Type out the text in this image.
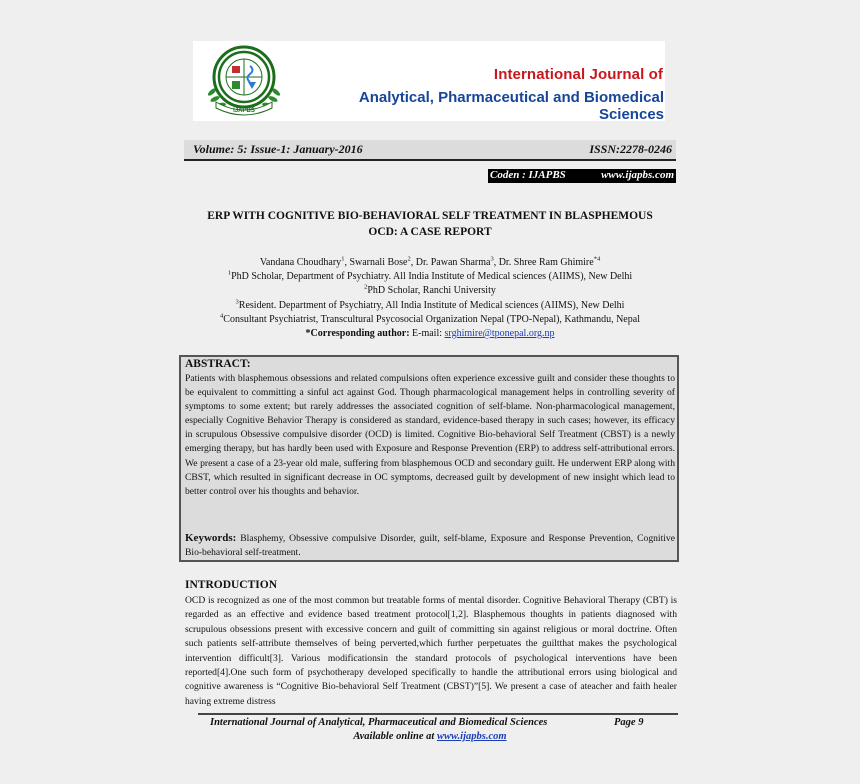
IJAPBS
International Journal of
Analytical, Pharmaceutical and Biomedical Sciences
Volume: 5: Issue-1: January-2016	ISSN:2278-0246
Coden : IJAPBS	www.ijapbs.com
ERP WITH COGNITIVE BIO-BEHAVIORAL SELF TREATMENT IN BLASPHEMOUS
OCD: A CASE REPORT
Vandana Choudhary$^1$, Swarnali Bose$^2$, Dr. Pawan Sharma$^3$, Dr. Shree Ram Ghimire$^{*4}$
$^1$PhD Scholar, Department of Psychiatry. All India Institute of Medical sciences (AIIMS), New Delhi
$^2$PhD Scholar, Ranchi University
$^3$Resident. Department of Psychiatry, All India Institute of Medical sciences (AIIMS), New Delhi
$^4$Consultant Psychiatrist, Transcultural Psycosocial Organization Nepal (TPO-Nepal), Kathmandu, Nepal
*Corresponding author: E-mail: srghimire@tponepal.org.np
ABSTRACT:
Patients with blasphemous obsessions and related compulsions often experience excessive guilt and consider these thoughts to be equivalent to committing a sinful act against God. Though pharmacological management helps in controlling severity of symptoms to some extent; but rarely addresses the associated cognition of self-blame. Non-pharmacological management, especially Cognitive Behavior Therapy is considered as standard, evidence-based therapy in such cases; however, its efficacy in scrupulous Obsessive compulsive disorder (OCD) is limited. Cognitive Bio-behavioral Self Treatment (CBST) is a newly emerging therapy, but has hardly been used with Exposure and Response Prevention (ERP) to address self-attributional errors. We present a case of a 23-year old male, suffering from blasphemous OCD and secondary guilt. He underwent ERP along with CBST, which resulted in significant decrease in OC symptoms, decreased guilt by development of new insight which lead to better control over his thoughts and behavior.
Keywords: Blasphemy, Obsessive compulsive Disorder, guilt, self-blame, Exposure and Response Prevention, Cognitive Bio-behavioral self-treatment.
INTRODUCTION
OCD is recognized as one of the most common but treatable forms of mental disorder. Cognitive Behavioral Therapy (CBT) is regarded as an effective and evidence based treatment protocol[1,2]. Blasphemous thoughts in patients diagnosed with scrupulous obsessions present with excessive concern and guilt of committing sin against religious or moral doctrine. Often such patients self-attribute themselves of being perverted,which further perpetuates the guiltthat makes the psychological intervention difficult[3]. Various modificationsin the standard protocols of psychological interventions have been reported[4].One such form of psychotherapy developed specifically to handle the attributional errors using biological and cognitive awareness is “Cognitive Bio-behavioral Self Treatment (CBST)”[5]. We present a case of ateacher and faith healer having extreme distress
International Journal of Analytical, Pharmaceutical and Biomedical Sciences	Page 9
Available online at www.ijapbs.com
